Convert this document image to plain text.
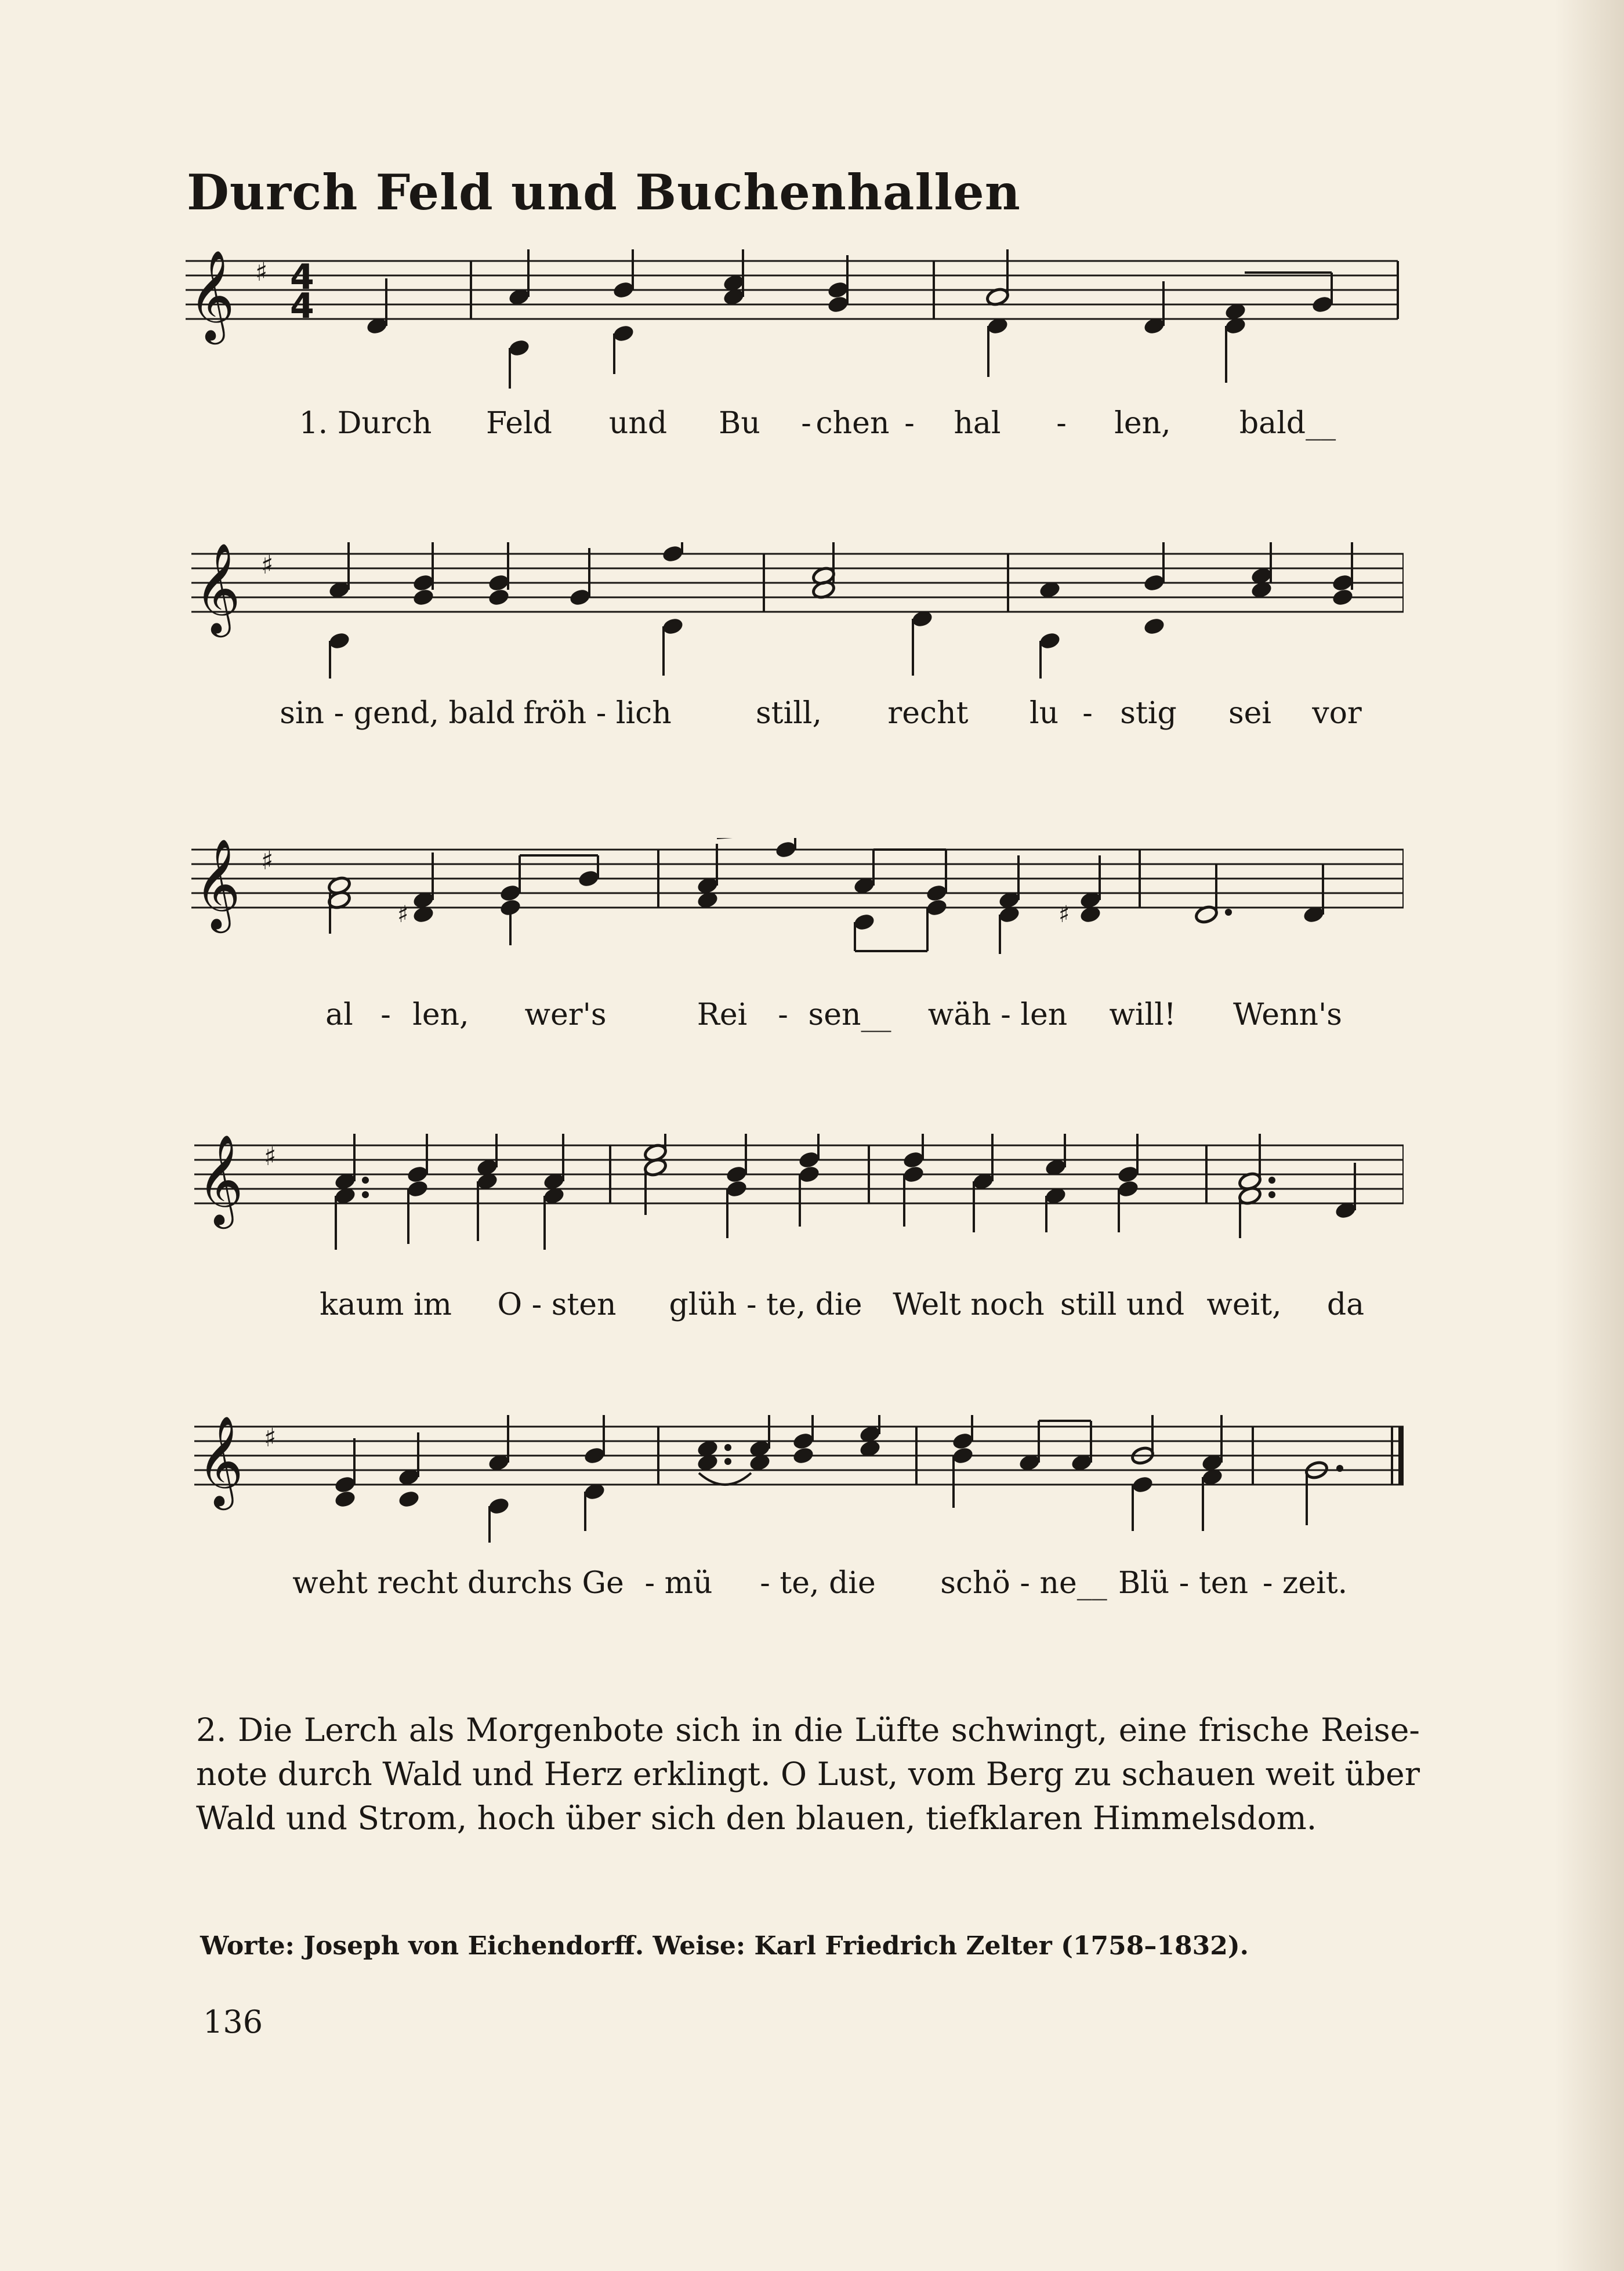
Durch Feld und Buchenhallen
𝄞 ♯ 4
4
1. Durch Feld und Bu - chen - hal - len, bald__
𝄞 ♯
sin - gend, bald fröh - lich	still, recht lu - stig sei vor
𝄞 ♯
♯	♯
al - len, wer's	Rei - sen__ wäh - len will! Wenn's
𝄞 ♯
kaum im O - sten glüh - te, die Welt noch still und weit, da
𝄞 ♯
weht recht durchs Ge - mü - te, die schö - ne__ Blü - ten - zeit.
2. Die Lerch als Morgenbote sich in die Lüfte schwingt, eine frische Reise-note durch Wald und Herz erklingt. O Lust, vom Berg zu schauen weit über Wald und Strom, hoch über sich den blauen, tiefklaren Himmelsdom.
Worte: Joseph von Eichendorff. Weise: Karl Friedrich Zelter (1758–1832).
136
